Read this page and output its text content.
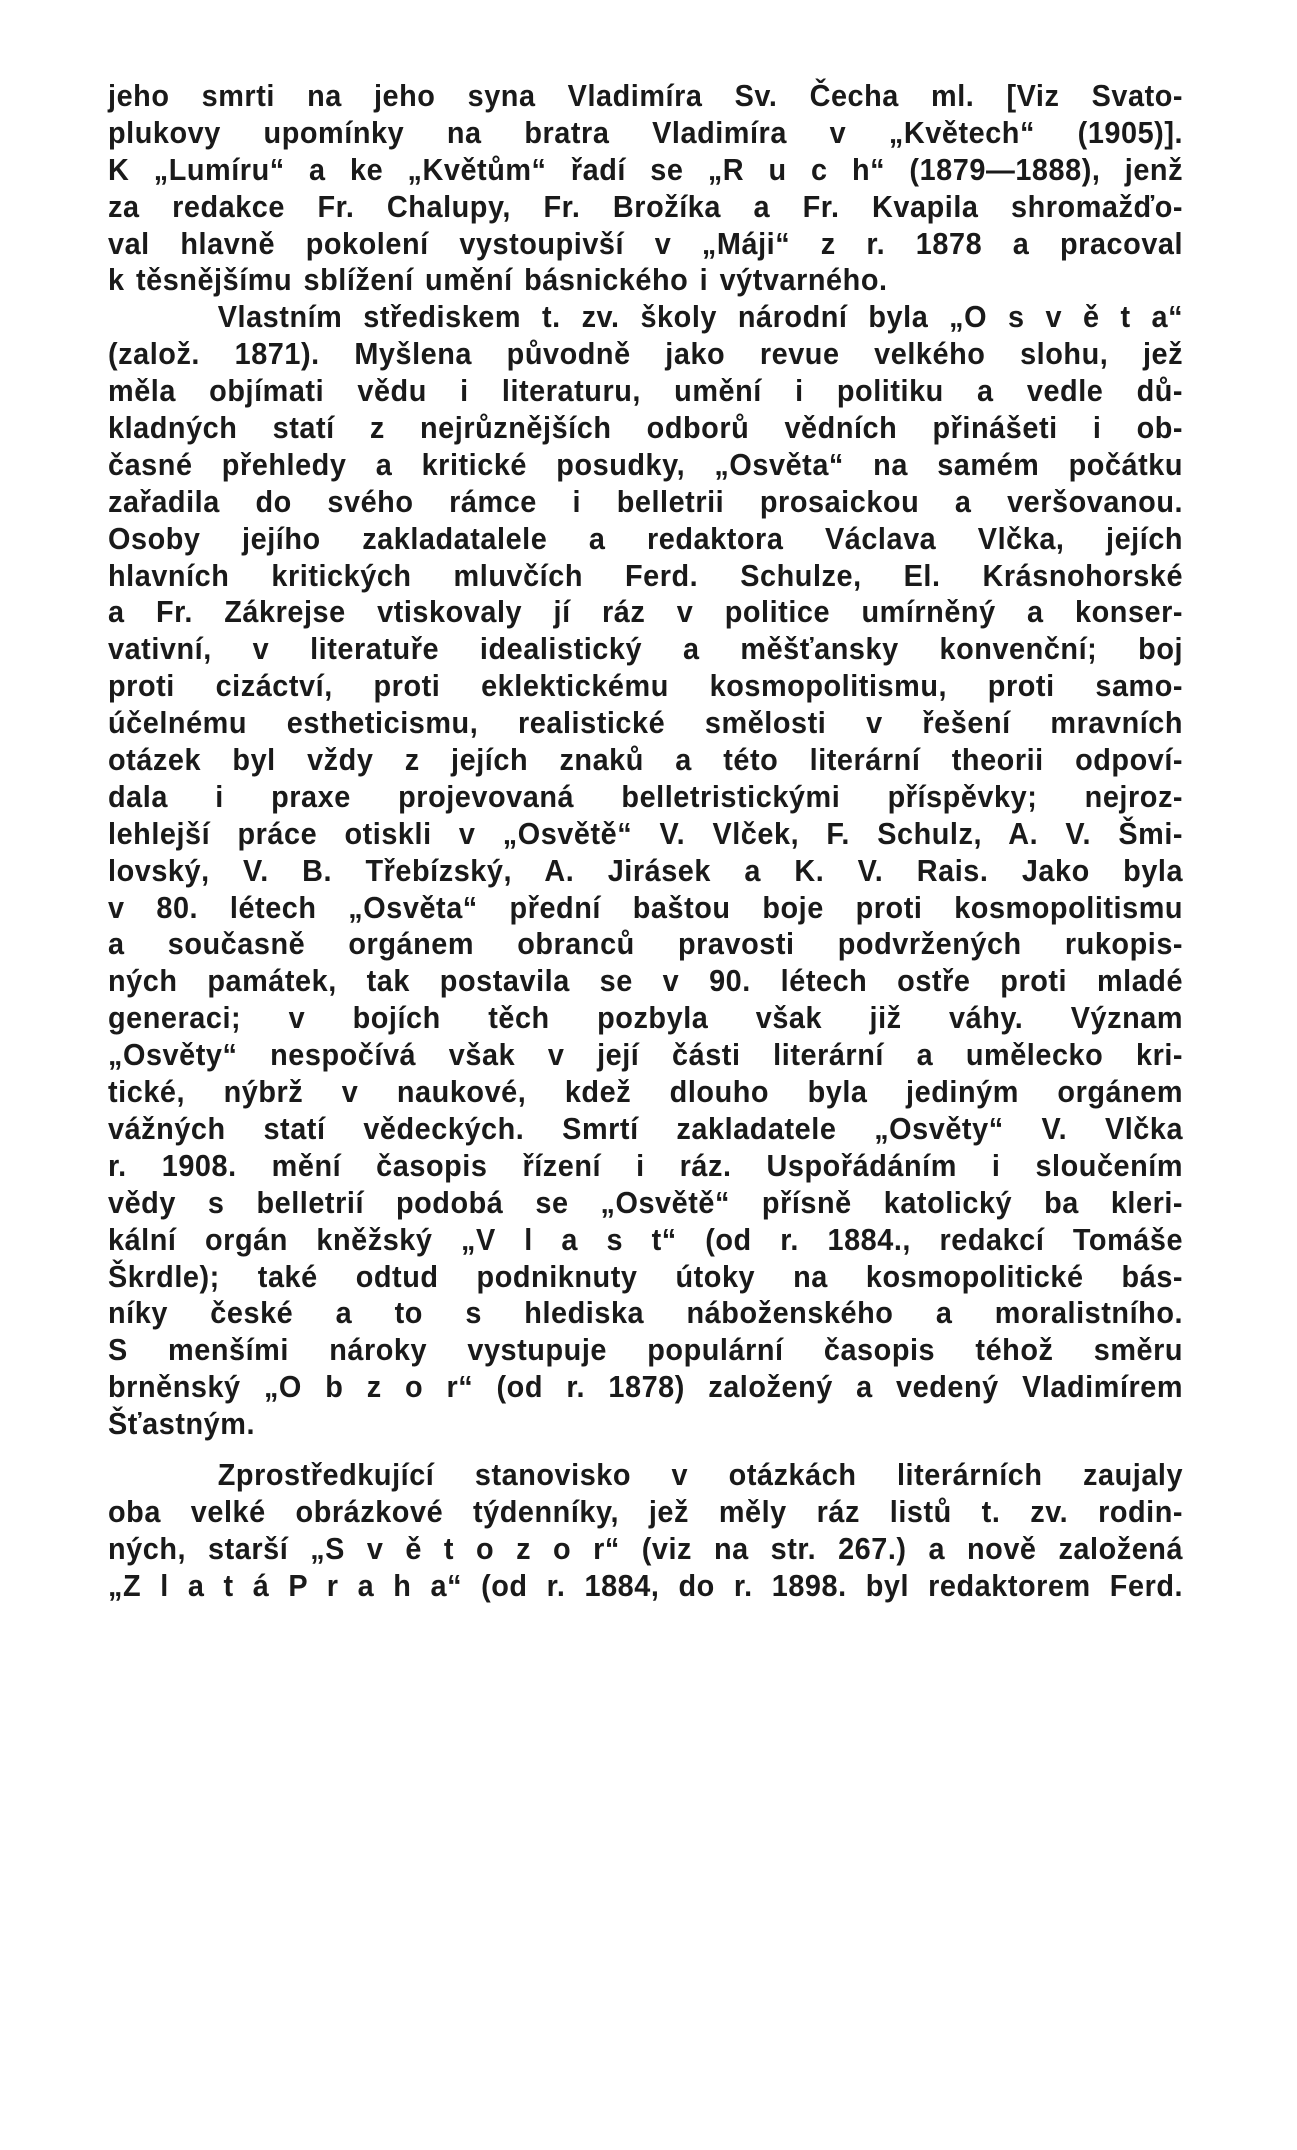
jeho smrti na jeho syna Vladimíra Sv. Čecha ml. [Viz Svato-
plukovy upomínky na bratra Vladimíra v „Květech“ (1905)].
K „Lumíru“ a ke „Květům“ řadí se „R u c h“ (1879—1888), jenž
za redakce Fr. Chalupy, Fr. Brožíka a Fr. Kvapila shromažďo-
val hlavně pokolení vystoupivší v „Máji“ z r. 1878 a pracoval
k těsnějšímu sblížení umění básnického i výtvarného.
Vlastním střediskem t. zv. školy národní byla „O s v ě t a“
(založ. 1871). Myšlena původně jako revue velkého slohu, jež
měla objímati vědu i literaturu, umění i politiku a vedle dů-
kladných statí z nejrůznějších odborů vědních přinášeti i ob-
časné přehledy a kritické posudky, „Osvěta“ na samém počátku
zařadila do svého rámce i belletrii prosaickou a veršovanou.
Osoby jejího zakladatalele a redaktora Václava Vlčka, jejích
hlavních kritických mluvčích Ferd. Schulze, El. Krásnohorské
a Fr. Zákrejse vtiskovaly jí ráz v politice umírněný a konser-
vativní, v literatuře idealistický a měšťansky konvenční; boj
proti cizáctví, proti eklektickému kosmopolitismu, proti samo-
účelnému estheticismu, realistické smělosti v řešení mravních
otázek byl vždy z jejích znaků a této literární theorii odpoví-
dala i praxe projevovaná belletristickými příspěvky; nejroz-
lehlejší práce otiskli v „Osvětě“ V. Vlček, F. Schulz, A. V. Šmi-
lovský, V. B. Třebízský, A. Jirásek a K. V. Rais. Jako byla
v 80. létech „Osvěta“ přední baštou boje proti kosmopolitismu
a současně orgánem obranců pravosti podvržených rukopis-
ných památek, tak postavila se v 90. létech ostře proti mladé
generaci; v bojích těch pozbyla však již váhy. Význam
„Osvěty“ nespočívá však v její části literární a umělecko kri-
tické, nýbrž v naukové, kdež dlouho byla jediným orgánem
vážných statí vědeckých. Smrtí zakladatele „Osvěty“ V. Vlčka
r. 1908. mění časopis řízení i ráz. Uspořádáním i sloučením
vědy s belletrií podobá se „Osvětě“ přísně katolický ba kleri-
kální orgán kněžský „V l a s t“ (od r. 1884., redakcí Tomáše
Škrdle); také odtud podniknuty útoky na kosmopolitické bás-
níky české a to s hlediska náboženského a moralistního.
S menšími nároky vystupuje populární časopis téhož směru
brněnský „O b z o r“ (od r. 1878) založený a vedený Vladimírem
Šťastným.
Zprostředkující stanovisko v otázkách literárních zaujaly
oba velké obrázkové týdenníky, jež měly ráz listů t. zv. rodin-
ných, starší „S v ě t o z o r“ (viz na str. 267.) a nově založená
„Z l a t á P r a h a“ (od r. 1884, do r. 1898. byl redaktorem Ferd.
